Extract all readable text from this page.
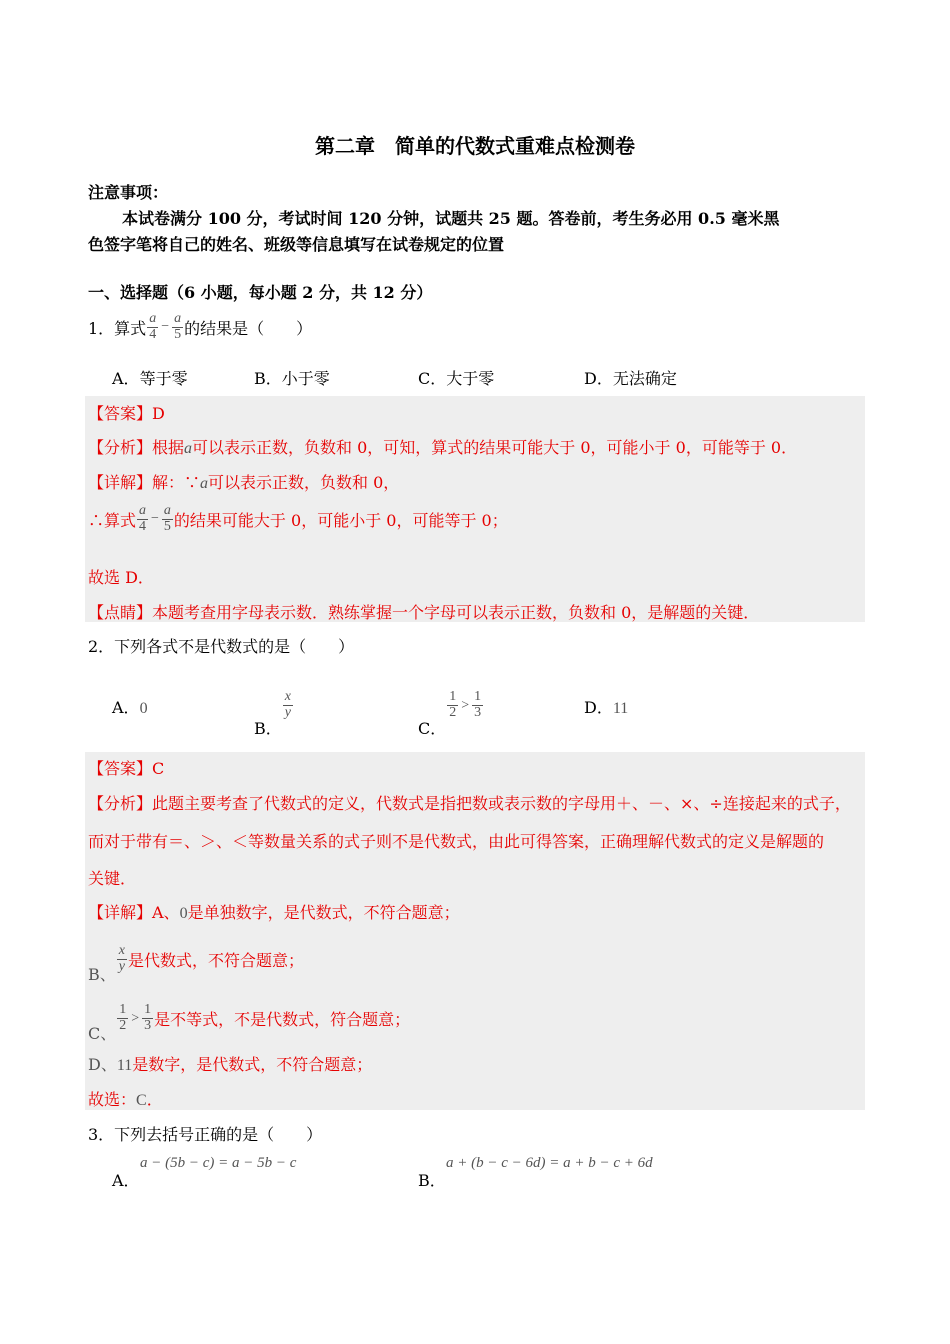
第二章　简单的代数式重难点检测卷
注意事项：
本试卷满分 100 分，考试时间 120 分钟，试题共 25 题。答卷前，考生务必用 0.5 毫米黑
色签字笔将自己的姓名、班级等信息填写在试卷规定的位置
一、选择题（6 小题，每小题 2 分，共 12 分）
1．算式 $\frac{a}{4} - \frac{a}{5}$ 的结果是（　　）
A．等于零	B．小于零	C．大于零	D．无法确定
【答案】D
【分析】根据a可以表示正数，负数和 0，可知，算式的结果可能大于 0，可能小于 0，可能等于 0．
【详解】解：∵a可以表示正数，负数和 0，
∴算式 $\frac{a}{4} - \frac{a}{5}$ 的结果可能大于 0，可能小于 0，可能等于 0；
故选 D．
【点睛】本题考查用字母表示数．熟练掌握一个字母可以表示正数，负数和 0，是解题的关键．
2．下列各式不是代数式的是（　　）
A．0
B．
$\frac{x}{y}$
C．
$\frac{1}{2} > \frac{1}{3}$	D．11
【答案】C
【分析】此题主要考查了代数式的定义，代数式是指把数或表示数的字母用＋、－、×、÷连接起来的式子，
而对于带有＝、＞、＜等数量关系的式子则不是代数式，由此可得答案，正确理解代数式的定义是解题的
关键．
【详解】A、0是单独数字，是代数式，不符合题意；
B、 $\frac{x}{y}$ 是代数式，不符合题意；
C、 $\frac{1}{2} > \frac{1}{3}$ 是不等式，不是代数式，符合题意；
D、11是数字，是代数式，不符合题意；
故选：C．
3．下列去括号正确的是（　　）
A．
a − (5b − c) = a − 5b − c
B．
a + (b − c − 6d) = a + b − c + 6d
